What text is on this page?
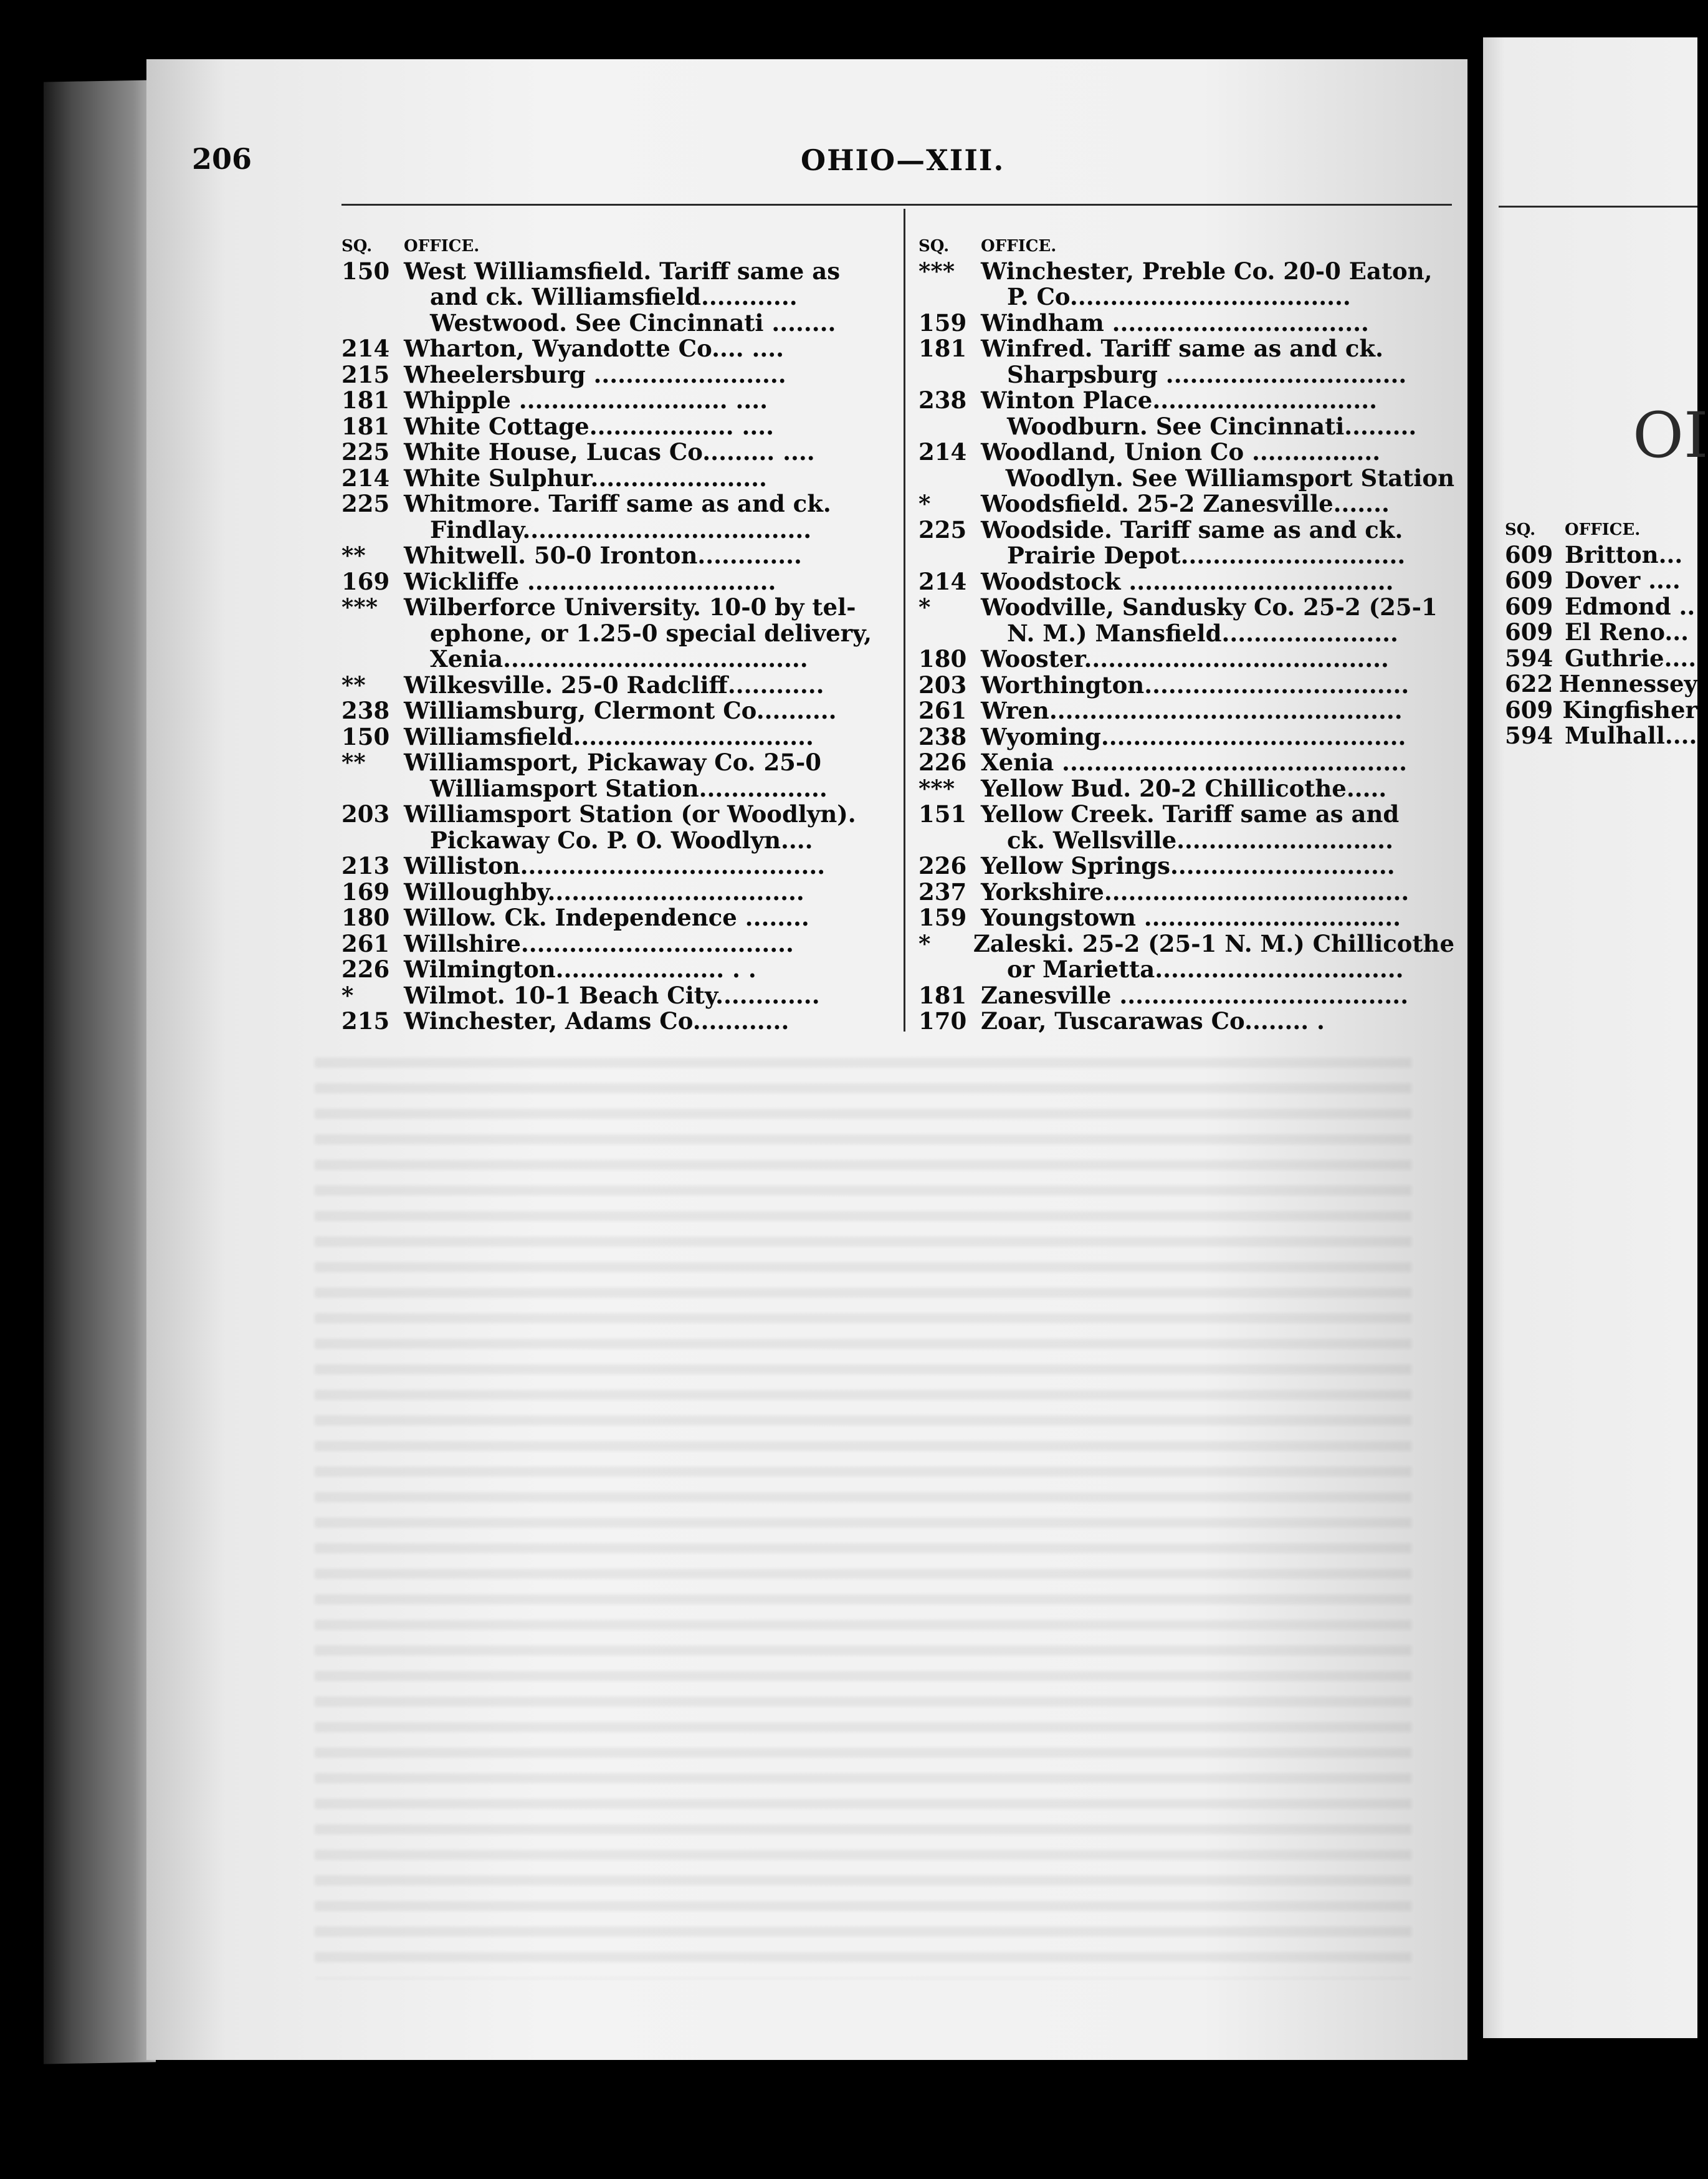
206	OHIO—XIII.
SQ.	OFFICE.
150 West Williamsfield. Tariff same as
and ck. Williamsfield............
Westwood. See Cincinnati ........
214 Wharton, Wyandotte Co.... ....
215 Wheelersburg ........................
181 Whipple .......................... ....
181 White Cottage.................. ....
225 White House, Lucas Co......... ....
214 White Sulphur......................
225 Whitmore. Tariff same as and ck.
Findlay....................................
**	Whitwell. 50-0 Ironton.............
169 Wickliffe ...............................
***	Wilberforce University. 10-0 by tel-
ephone, or 1.25-0 special delivery,
Xenia......................................
**	Wilkesville. 25-0 Radcliff............
238 Williamsburg, Clermont Co..........
150 Williamsfield..............................
**	Williamsport, Pickaway Co. 25-0
Williamsport Station................
203 Williamsport Station (or Woodlyn).
Pickaway Co. P. O. Woodlyn....
213 Williston......................................
169 Willoughby................................
180 Willow. Ck. Independence ........
261 Willshire..................................
226 Wilmington..................... . .
*	Wilmot. 10-1 Beach City.............
215 Winchester, Adams Co............
SQ.	OFFICE.
***	Winchester, Preble Co. 20-0 Eaton,
P. Co...................................
159 Windham ................................
181 Winfred. Tariff same as and ck.
Sharpsburg ..............................
238 Winton Place............................
Woodburn. See Cincinnati.........
214 Woodland, Union Co ................
Woodlyn. See Williamsport Station
*	Woodsfield. 25-2 Zanesville.......
225 Woodside. Tariff same as and ck.
Prairie Depot............................
214 Woodstock .................................
*	Woodville, Sandusky Co. 25-2 (25-1
N. M.) Mansfield......................
180 Wooster......................................
203 Worthington.................................
261 Wren............................................
238 Wyoming......................................
226 Xenia ...........................................
***	Yellow Bud. 20-2 Chillicothe.....
151 Yellow Creek. Tariff same as and
ck. Wellsville...........................
226 Yellow Springs............................
237 Yorkshire......................................
159 Youngstown ................................
*	Zaleski. 25-2 (25-1 N. M.) Chillicothe
or Marietta...............................
181 Zanesville ....................................
170 Zoar, Tuscarawas Co........ .
OI
SQ.	OFFICE.
609 Britton...
609 Dover ....
609 Edmond ..
609 El Reno...
594 Guthrie....
622 Hennessey
609 Kingfisher
594 Mulhall....
